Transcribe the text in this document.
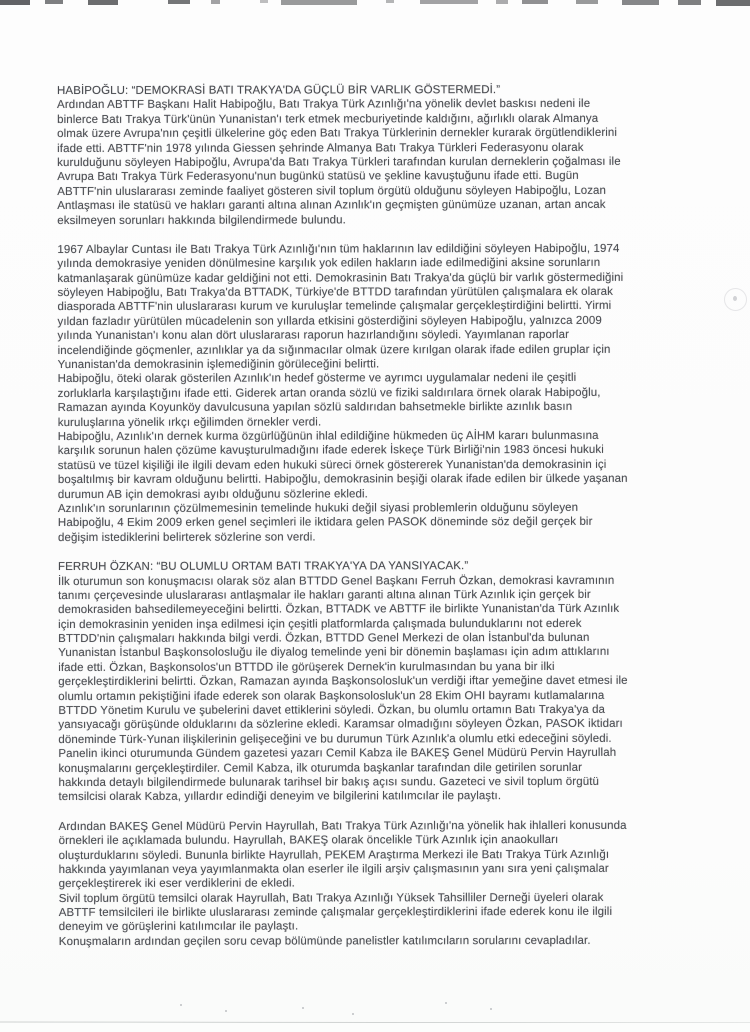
HABİPOĞLU: “DEMOKRASİ BATI TRAKYA'DA GÜÇLÜ BİR VARLIK GÖSTERMEDİ.”
Ardından ABTTF Başkanı Halit Habipoğlu, Batı Trakya Türk Azınlığı'na yönelik devlet baskısı nedeni ile
binlerce Batı Trakya Türk'ünün Yunanistan'ı terk etmek mecburiyetinde kaldığını, ağırlıklı olarak Almanya
olmak üzere Avrupa'nın çeşitli ülkelerine göç eden Batı Trakya Türklerinin dernekler kurarak örgütlendiklerini
ifade etti. ABTTF'nin 1978 yılında Giessen şehrinde Almanya Batı Trakya Türkleri Federasyonu olarak
kurulduğunu söyleyen Habipoğlu, Avrupa'da Batı Trakya Türkleri tarafından kurulan derneklerin çoğalması ile
Avrupa Batı Trakya Türk Federasyonu'nun bugünkü statüsü ve şekline kavuştuğunu ifade etti. Bugün
ABTTF'nin uluslararası zeminde faaliyet gösteren sivil toplum örgütü olduğunu söyleyen Habipoğlu, Lozan
Antlaşması ile statüsü ve hakları garanti altına alınan Azınlık'ın geçmişten günümüze uzanan, artan ancak
eksilmeyen sorunları hakkında bilgilendirmede bulundu.
1967 Albaylar Cuntası ile Batı Trakya Türk Azınlığı'nın tüm haklarının lav edildiğini söyleyen Habipoğlu, 1974
yılında demokrasiye yeniden dönülmesine karşılık yok edilen hakların iade edilmediğini aksine sorunların
katmanlaşarak günümüze kadar geldiğini not etti. Demokrasinin Batı Trakya'da güçlü bir varlık göstermediğini
söyleyen Habipoğlu, Batı Trakya'da BTTADK, Türkiye'de BTTDD tarafından yürütülen çalışmalara ek olarak
diasporada ABTTF'nin uluslararası kurum ve kuruluşlar temelinde çalışmalar gerçekleştirdiğini belirtti. Yirmi
yıldan fazladır yürütülen mücadelenin son yıllarda etkisini gösterdiğini söyleyen Habipoğlu, yalnızca 2009
yılında Yunanistan'ı konu alan dört uluslararası raporun hazırlandığını söyledi. Yayımlanan raporlar
incelendiğinde göçmenler, azınlıklar ya da sığınmacılar olmak üzere kırılgan olarak ifade edilen gruplar için
Yunanistan'da demokrasinin işlemediğinin görüleceğini belirtti.
Habipoğlu, öteki olarak gösterilen Azınlık'ın hedef gösterme ve ayrımcı uygulamalar nedeni ile çeşitli
zorluklarla karşılaştığını ifade etti. Giderek artan oranda sözlü ve fiziki saldırılara örnek olarak Habipoğlu,
Ramazan ayında Koyunköy davulcusuna yapılan sözlü saldırıdan bahsetmekle birlikte azınlık basın
kuruluşlarına yönelik ırkçı eğilimden örnekler verdi.
Habipoğlu, Azınlık'ın dernek kurma özgürlüğünün ihlal edildiğine hükmeden üç AİHM kararı bulunmasına
karşılık sorunun halen çözüme kavuşturulmadığını ifade ederek İskeçe Türk Birliği'nin 1983 öncesi hukuki
statüsü ve tüzel kişiliği ile ilgili devam eden hukuki süreci örnek göstererek Yunanistan'da demokrasinin içi
boşaltılmış bir kavram olduğunu belirtti. Habipoğlu, demokrasinin beşiği olarak ifade edilen bir ülkede yaşanan
durumun AB için demokrasi ayıbı olduğunu sözlerine ekledi.
Azınlık'ın sorunlarının çözülmemesinin temelinde hukuki değil siyasi problemlerin olduğunu söyleyen
Habipoğlu, 4 Ekim 2009 erken genel seçimleri ile iktidara gelen PASOK döneminde söz değil gerçek bir
değişim istediklerini belirterek sözlerine son verdi.
FERRUH ÖZKAN: “BU OLUMLU ORTAM BATI TRAKYA'YA DA YANSIYACAK.”
İlk oturumun son konuşmacısı olarak söz alan BTTDD Genel Başkanı Ferruh Özkan, demokrasi kavramının
tanımı çerçevesinde uluslararası antlaşmalar ile hakları garanti altına alınan Türk Azınlık için gerçek bir
demokrasiden bahsedilemeyeceğini belirtti. Özkan, BTTADK ve ABTTF ile birlikte Yunanistan'da Türk Azınlık
için demokrasinin yeniden inşa edilmesi için çeşitli platformlarda çalışmada bulunduklarını not ederek
BTTDD'nin çalışmaları hakkında bilgi verdi. Özkan, BTTDD Genel Merkezi de olan İstanbul'da bulunan
Yunanistan İstanbul Başkonsolosluğu ile diyalog temelinde yeni bir dönemin başlaması için adım attıklarını
ifade etti. Özkan, Başkonsolos'un BTTDD ile görüşerek Dernek'in kurulmasından bu yana bir ilki
gerçekleştirdiklerini belirtti. Özkan, Ramazan ayında Başkonsolosluk'un verdiği iftar yemeğine davet etmesi ile
olumlu ortamın pekiştiğini ifade ederek son olarak Başkonsolosluk'un 28 Ekim OHI bayramı kutlamalarına
BTTDD Yönetim Kurulu ve şubelerini davet ettiklerini söyledi. Özkan, bu olumlu ortamın Batı Trakya'ya da
yansıyacağı görüşünde olduklarını da sözlerine ekledi. Karamsar olmadığını söyleyen Özkan, PASOK iktidarı
döneminde Türk-Yunan ilişkilerinin gelişeceğini ve bu durumun Türk Azınlık'a olumlu etki edeceğini söyledi.
Panelin ikinci oturumunda Gündem gazetesi yazarı Cemil Kabza ile BAKEŞ Genel Müdürü Pervin Hayrullah
konuşmalarını gerçekleştirdiler. Cemil Kabza, ilk oturumda başkanlar tarafından dile getirilen sorunlar
hakkında detaylı bilgilendirmede bulunarak tarihsel bir bakış açısı sundu. Gazeteci ve sivil toplum örgütü
temsilcisi olarak Kabza, yıllardır edindiği deneyim ve bilgilerini katılımcılar ile paylaştı.
Ardından BAKEŞ Genel Müdürü Pervin Hayrullah, Batı Trakya Türk Azınlığı'na yönelik hak ihlalleri konusunda
örnekleri ile açıklamada bulundu. Hayrullah, BAKEŞ olarak öncelikle Türk Azınlık için anaokulları
oluşturduklarını söyledi. Bununla birlikte Hayrullah, PEKEM Araştırma Merkezi ile Batı Trakya Türk Azınlığı
hakkında yayımlanan veya yayımlanmakta olan eserler ile ilgili arşiv çalışmasının yanı sıra yeni çalışmalar
gerçekleştirerek iki eser verdiklerini de ekledi.
Sivil toplum örgütü temsilci olarak Hayrullah, Batı Trakya Azınlığı Yüksek Tahsilliler Derneği üyeleri olarak
ABTTF temsilcileri ile birlikte uluslararası zeminde çalışmalar gerçekleştirdiklerini ifade ederek konu ile ilgili
deneyim ve görüşlerini katılımcılar ile paylaştı.
Konuşmaların ardından geçilen soru cevap bölümünde panelistler katılımcıların sorularını cevapladılar.
